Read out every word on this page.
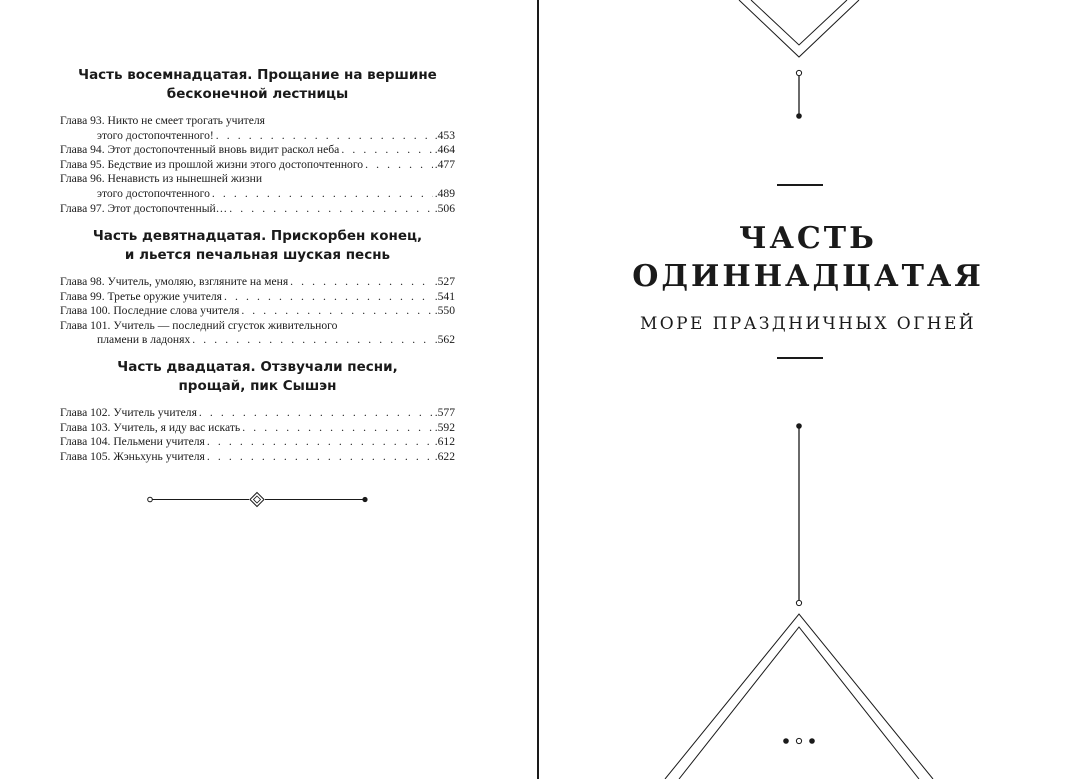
Часть восемнадцатая. Прощание на вершине
бесконечной лестницы
Глава 93. Никто не смеет трогать учителя
этого достопочтенного! . . .	.453
Глава 94. Этот достопочтенный вновь видит раскол неба . . .	.464
Глава 95. Бедствие из прошлой жизни этого достопочтенного . . .	.477
Глава 96. Ненависть из нынешней жизни
этого достопочтенного . . .	.489
Глава 97. Этот достопочтенный… . . .	.506
Часть девятнадцатая. Прискорбен конец,
и льется печальная шуская песнь
Глава 98. Учитель, умоляю, взгляните на меня . . .	.527
Глава 99. Третье оружие учителя . . .	.541
Глава 100. Последние слова учителя . . .	.550
Глава 101. Учитель — последний сгусток живительного
пламени в ладонях . . .	.562
Часть двадцатая. Отзвучали песни,
прощай, пик Сышэн
Глава 102. Учитель учителя . . .	.577
Глава 103. Учитель, я иду вас искать . . .	.592
Глава 104. Пельмени учителя . . .	.612
Глава 105. Жэньхунь учителя . . .	.622
ЧАСТЬ
ОДИННАДЦАТАЯ
МОРЕ ПРАЗДНИЧНЫХ ОГНЕЙ
